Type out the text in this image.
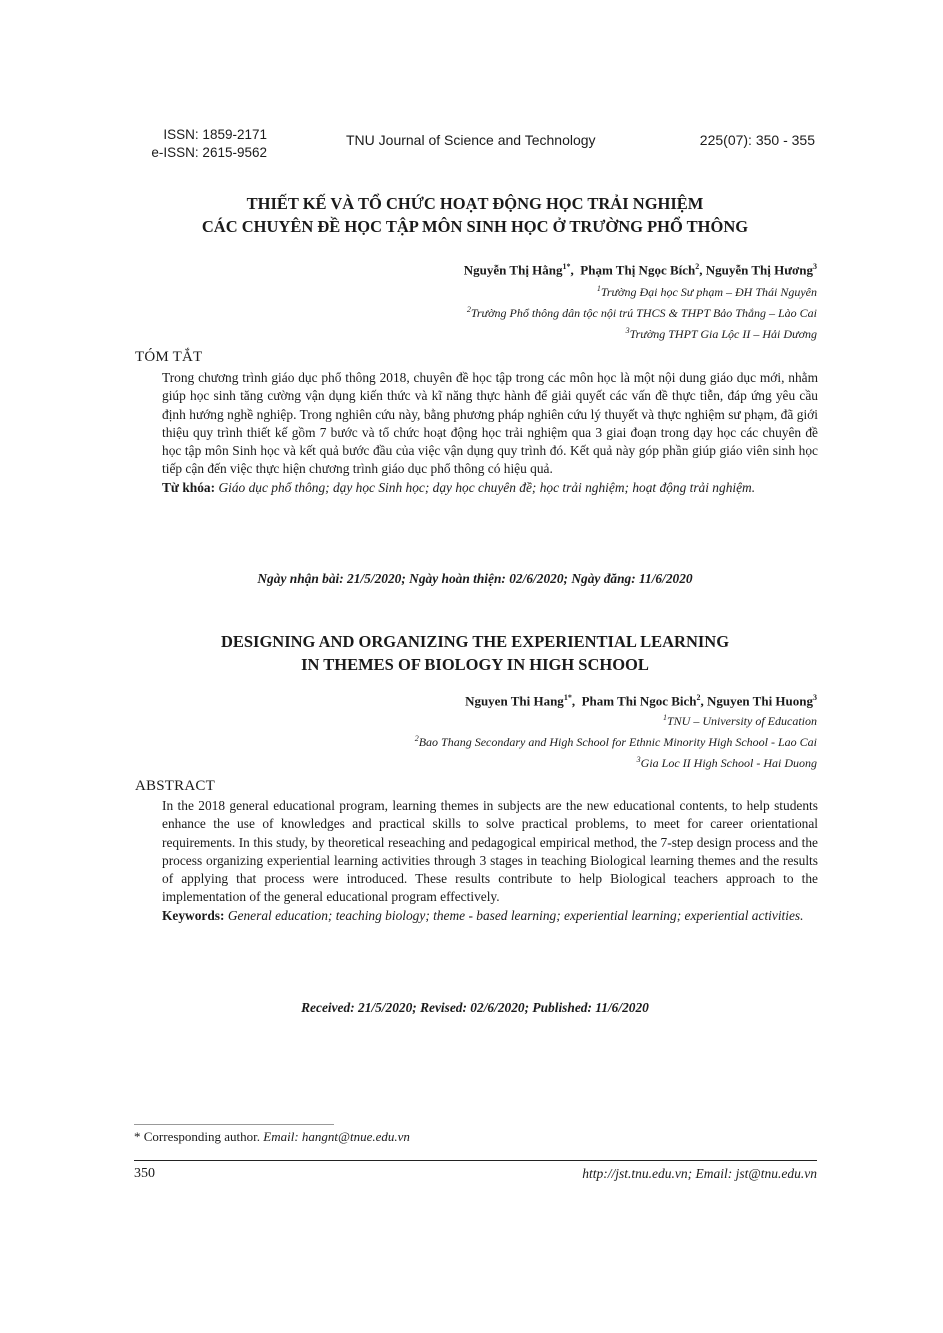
ISSN: 1859-2171
e-ISSN: 2615-9562
TNU Journal of Science and Technology	225(07): 350 - 355
THIẾT KẾ VÀ TỔ CHỨC HOẠT ĐỘNG HỌC TRẢI NGHIỆM
CÁC CHUYÊN ĐỀ HỌC TẬP MÔN SINH HỌC Ở TRƯỜNG PHỔ THÔNG
Nguyễn Thị Hằng$^{1*}$,  Phạm Thị Ngọc Bích$^2$, Nguyễn Thị Hương$^3$
$^1$Trường Đại học Sư phạm – ĐH Thái Nguyên
$^2$Trường Phổ thông dân tộc nội trú THCS & THPT Bảo Thắng – Lào Cai
$^3$Trường THPT Gia Lộc II – Hải Dương
TÓM TẮT
Trong chương trình giáo dục phổ thông 2018, chuyên đề học tập trong các môn học là một nội dung giáo dục mới, nhằm giúp học sinh tăng cường vận dụng kiến thức và kĩ năng thực hành để giải quyết các vấn đề thực tiễn, đáp ứng yêu cầu định hướng nghề nghiệp. Trong nghiên cứu này, bằng phương pháp nghiên cứu lý thuyết và thực nghiệm sư phạm, đã giới thiệu quy trình thiết kế gồm 7 bước và tổ chức hoạt động học trải nghiệm qua 3 giai đoạn trong dạy học các chuyên đề học tập môn Sinh học và kết quả bước đầu của việc vận dụng quy trình đó. Kết quả này góp phần giúp giáo viên sinh học tiếp cận đến việc thực hiện chương trình giáo dục phổ thông có hiệu quả.
Từ khóa: Giáo dục phổ thông; dạy học Sinh học; dạy học chuyên đề; học trải nghiệm; hoạt động trải nghiệm.
Ngày nhận bài: 21/5/2020; Ngày hoàn thiện: 02/6/2020; Ngày đăng: 11/6/2020
DESIGNING AND ORGANIZING THE EXPERIENTIAL LEARNING
IN THEMES OF BIOLOGY IN HIGH SCHOOL
Nguyen Thi Hang$^{1*}$,  Pham Thi Ngoc Bich$^2$, Nguyen Thi Huong$^3$
$^1$TNU – University of Education
$^2$Bao Thang Secondary and High School for Ethnic Minority High School - Lao Cai
$^3$Gia Loc II High School - Hai Duong
ABSTRACT
In the 2018 general educational program, learning themes in subjects are the new educational contents, to help students enhance the use of knowledges and practical skills to solve practical problems, to meet for career orientational requirements. In this study, by theoretical reseaching and pedagogical empirical method, the 7-step design process and the process organizing experiential learning activities through 3 stages in teaching Biological learning themes and the results of applying that process were introduced. These results contribute to help Biological teachers approach to the implementation of the general educational program effectively.
Keywords: General education; teaching biology; theme - based learning; experiential learning; experiential activities.
Received: 21/5/2020; Revised: 02/6/2020; Published: 11/6/2020
* Corresponding author. Email: hangnt@tnue.edu.vn
350	http://jst.tnu.edu.vn; Email: jst@tnu.edu.vn
